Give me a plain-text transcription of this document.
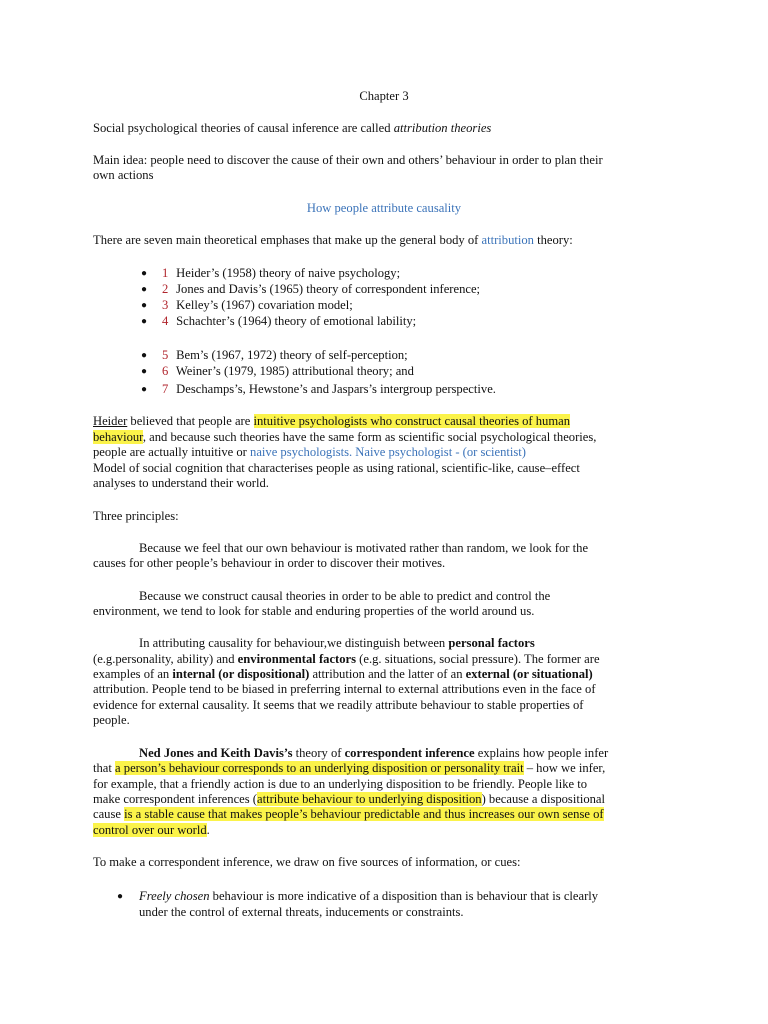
Chapter 3
Social psychological theories of causal inference are called attribution theories
Main idea: people need to discover the cause of their own and others’ behaviour in order to plan their
own actions
How people attribute causality
There are seven main theoretical emphases that make up the general body of attribution theory:
● 1 Heider’s (1958) theory of naive psychology;
● 2 Jones and Davis’s (1965) theory of correspondent inference;
● 3 Kelley’s (1967) covariation model;
● 4 Schachter’s (1964) theory of emotional lability;
● 5 Bem’s (1967, 1972) theory of self-perception;
● 6 Weiner’s (1979, 1985) attributional theory; and
● 7 Deschamps’s, Hewstone’s and Jaspars’s intergroup perspective.
Heider believed that people are intuitive psychologists who construct causal theories of human
behaviour, and because such theories have the same form as scientific social psychological theories,
people are actually intuitive or naive psychologists. Naive psychologist - (or scientist)
Model of social cognition that characterises people as using rational, scientific-like, cause–effect
analyses to understand their world.
Three principles:
Because we feel that our own behaviour is motivated rather than random, we look for the
causes for other people’s behaviour in order to discover their motives.
Because we construct causal theories in order to be able to predict and control the
environment, we tend to look for stable and enduring properties of the world around us.
In attributing causality for behaviour,we distinguish between personal factors
(e.g.personality, ability) and environmental factors (e.g. situations, social pressure). The former are
examples of an internal (or dispositional) attribution and the latter of an external (or situational)
attribution. People tend to be biased in preferring internal to external attributions even in the face of
evidence for external causality. It seems that we readily attribute behaviour to stable properties of
people.
Ned Jones and Keith Davis’s theory of correspondent inference explains how people infer
that a person’s behaviour corresponds to an underlying disposition or personality trait – how we infer,
for example, that a friendly action is due to an underlying disposition to be friendly. People like to
make correspondent inferences (attribute behaviour to underlying disposition) because a dispositional
cause is a stable cause that makes people’s behaviour predictable and thus increases our own sense of
control over our world.
To make a correspondent inference, we draw on five sources of information, or cues:
● Freely chosen behaviour is more indicative of a disposition than is behaviour that is clearly
under the control of external threats, inducements or constraints.
